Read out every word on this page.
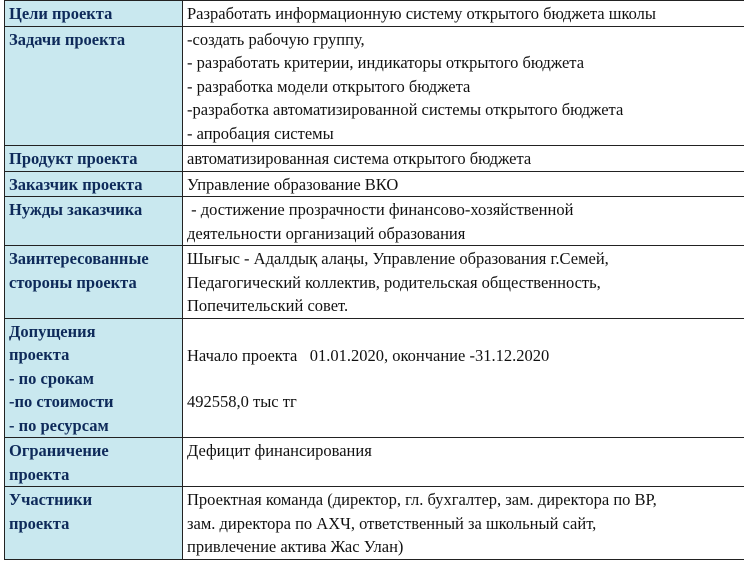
Цели проекта	Разработать информационную систему открытого бюджета школы

Задачи проекта	-создать рабочую группу,
- разработать критерии, индикаторы открытого бюджета
- разработка модели открытого бюджета
-разработка автоматизированной системы открытого бюджета
- апробация системы

Продукт проекта	автоматизированная система открытого бюджета

Заказчик проекта	Управление образование ВКО

Нужды заказчика	- достижение прозрачности финансово-хозяйственной
деятельности организаций образования

Заинтересованные
стороны проекта	Шығыс - Адалдық алаңы, Управление образования г.Семей,
Педагогический коллектив, родительская общественность,
Попечительский совет.

Допущения
проекта
- по срокам
-по стоимости
- по ресурсам	Начало проекта   01.01.2020, окончание -31.12.2020
492558,0 тыс тг

Ограничение
проекта	Дефицит финансирования

Участники
проекта	Проектная команда (директор, гл. бухгалтер, зам. директора по ВР,
зам. директора по АХЧ, ответственный за школьный сайт,
привлечение актива Жас Улан)
